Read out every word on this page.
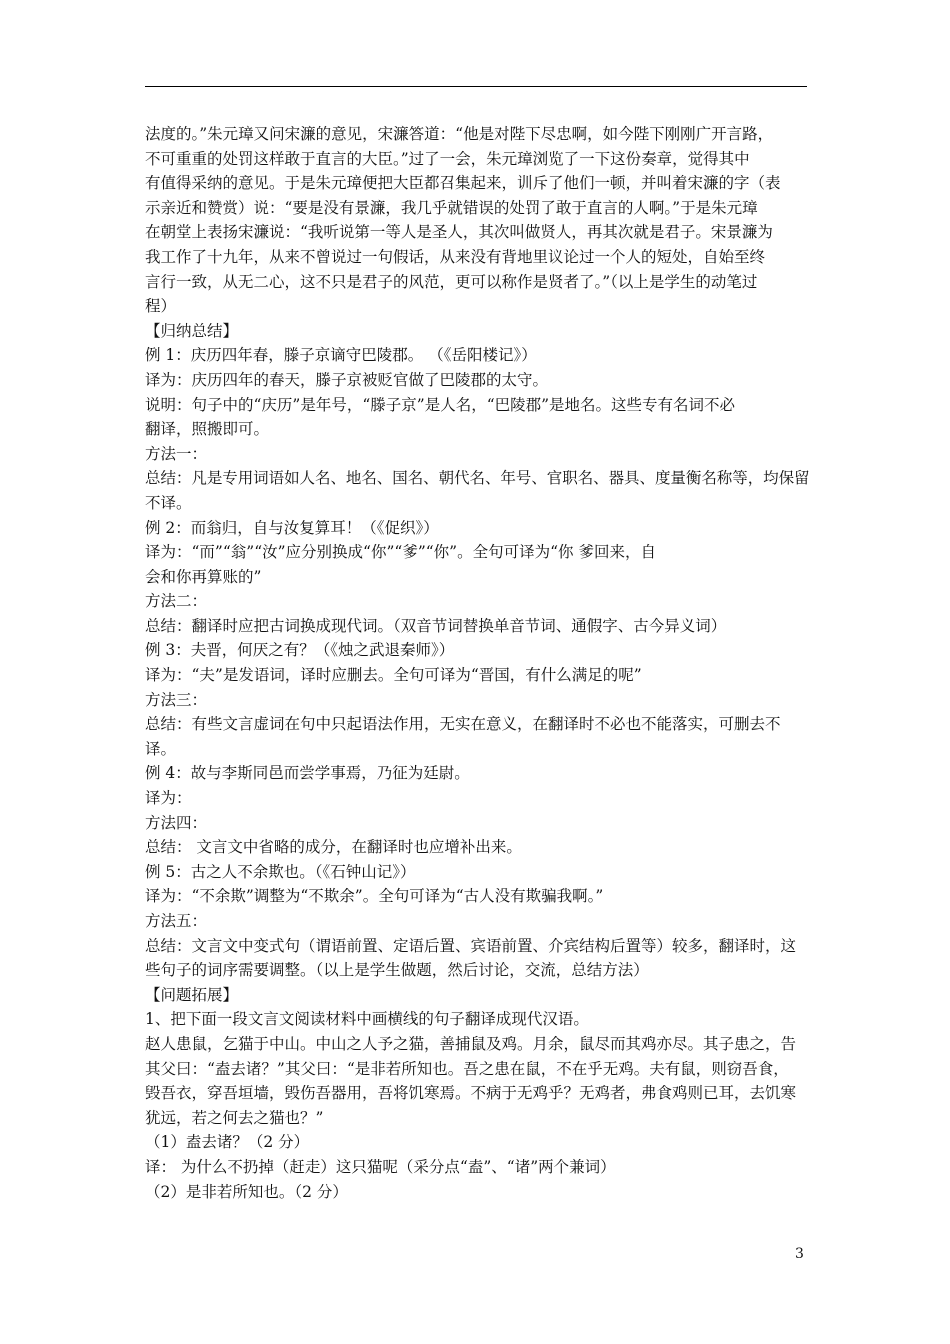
法度的。”朱元璋又问宋濂的意见，宋濂答道：“他是对陛下尽忠啊，如今陛下刚刚广开言路，
不可重重的处罚这样敢于直言的大臣。”过了一会，朱元璋浏览了一下这份奏章，觉得其中
有值得采纳的意见。于是朱元璋便把大臣都召集起来，训斥了他们一顿，并叫着宋濂的字（表
示亲近和赞赏）说：“要是没有景濂，我几乎就错误的处罚了敢于直言的人啊。”于是朱元璋
在朝堂上表扬宋濂说：“我听说第一等人是圣人，其次叫做贤人，再其次就是君子。宋景濂为
我工作了十九年，从来不曾说过一句假话，从来没有背地里议论过一个人的短处，自始至终
言行一致，从无二心，这不只是君子的风范，更可以称作是贤者了。”（以上是学生的动笔过
程）
【归纳总结】
例 1：庆历四年春，滕子京谪守巴陵郡。 （《岳阳楼记》）
译为：庆历四年的春天，滕子京被贬官做了巴陵郡的太守。
说明：句子中的“庆历”是年号，“滕子京”是人名，“巴陵郡”是地名。这些专有名词不必
翻译，照搬即可。
方法一：
总结：凡是专用词语如人名、地名、国名、朝代名、年号、官职名、器具、度量衡名称等，均保留
不译。
例 2：而翁归，自与汝复算耳！（《促织》）
译为：“而”“翁”“汝”应分别换成“你”“爹”“你”。全句可译为“你 爹回来，自
会和你再算账的”
方法二：
总结：翻译时应把古词换成现代词。（双音节词替换单音节词、通假字、古今异义词）
例 3：夫晋，何厌之有？（《烛之武退秦师》）
译为：“夫”是发语词，译时应删去。全句可译为“晋国，有什么满足的呢”
方法三：
总结：有些文言虚词在句中只起语法作用，无实在意义，在翻译时不必也不能落实，可删去不
译。
例 4：故与李斯同邑而尝学事焉，乃征为廷尉。
译为：
方法四：
总结： 文言文中省略的成分，在翻译时也应增补出来。
例 5：古之人不余欺也。（《石钟山记》）
译为：“不余欺”调整为“不欺余”。全句可译为“古人没有欺骗我啊。”
方法五：
总结：文言文中变式句（谓语前置、定语后置、宾语前置、介宾结构后置等）较多，翻译时，这
些句子的词序需要调整。（以上是学生做题，然后讨论，交流，总结方法）
【问题拓展】
1、把下面一段文言文阅读材料中画横线的句子翻译成现代汉语。
赵人患鼠，乞猫于中山。中山之人予之猫，善捕鼠及鸡。月余，鼠尽而其鸡亦尽。其子患之，告
其父曰：“盍去诸？”其父曰：“是非若所知也。吾之患在鼠，不在乎无鸡。夫有鼠，则窃吾食，
毁吾衣，穿吾垣墙，毁伤吾器用，吾将饥寒焉。不病于无鸡乎？无鸡者，弗食鸡则已耳，去饥寒
犹远，若之何去之猫也？”
（1）盍去诸？（2 分）
译： 为什么不扔掉（赶走）这只猫呢（采分点“盍”、“诸”两个兼词）
（2）是非若所知也。（2 分）
3
